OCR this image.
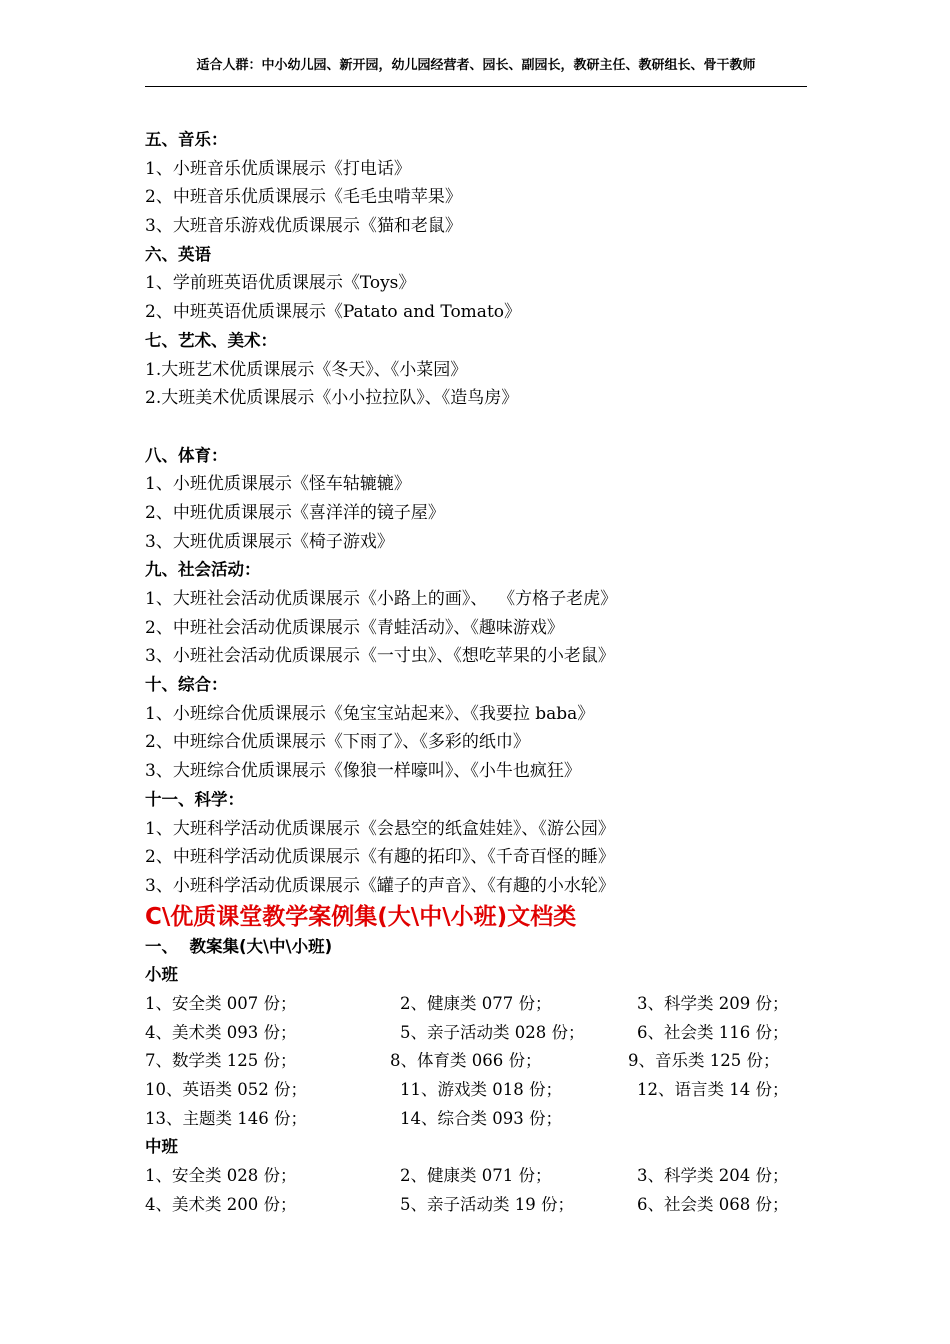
适合人群：中小幼儿园、新开园，幼儿园经营者、园长、副园长，教研主任、教研组长、骨干教师
五、音乐：
1、小班音乐优质课展示《打电话》
2、中班音乐优质课展示《毛毛虫啃苹果》
3、大班音乐游戏优质课展示《猫和老鼠》
六、英语
1、学前班英语优质课展示《Toys》
2、中班英语优质课展示《Patato and Tomato》
七、艺术、美术：
1.大班艺术优质课展示《冬天》、《小菜园》
2.大班美术优质课展示《小小拉拉队》、《造鸟房》
八、体育：
1、小班优质课展示《怪车轱辘辘》
2、中班优质课展示《喜洋洋的镜子屋》
3、大班优质课展示《椅子游戏》
九、社会活动：
1、大班社会活动优质课展示《小路上的画》、  《方格子老虎》
2、中班社会活动优质课展示《青蛙活动》、《趣味游戏》
3、小班社会活动优质课展示《一寸虫》、《想吃苹果的小老鼠》
十、综合：
1、小班综合优质课展示《兔宝宝站起来》、《我要拉 baba》
2、中班综合优质课展示《下雨了》、《多彩的纸巾》
3、大班综合优质课展示《像狼一样嚎叫》、《小牛也疯狂》
十一、科学：
1、大班科学活动优质课展示《会悬空的纸盒娃娃》、《游公园》
2、中班科学活动优质课展示《有趣的拓印》、《千奇百怪的睡》
3、小班科学活动优质课展示《罐子的声音》、《有趣的小水轮》
C\优质课堂教学案例集(大\中\小班)文档类
一、  教案集(大\中\小班)
小班
1、安全类 007 份；	2、健康类 077 份；	3、科学类 209 份；
4、美术类 093 份；	5、亲子活动类 028 份；	6、社会类 116 份；
7、数学类 125 份；	8、体育类 066 份；	9、音乐类 125 份；
10、英语类 052 份；	11、游戏类 018 份；	12、语言类 14 份；
13、主题类 146 份；	14、综合类 093 份；
中班
1、安全类 028 份；	2、健康类 071 份；	3、科学类 204 份；
4、美术类 200 份；	5、亲子活动类 19 份；	6、社会类 068 份；
